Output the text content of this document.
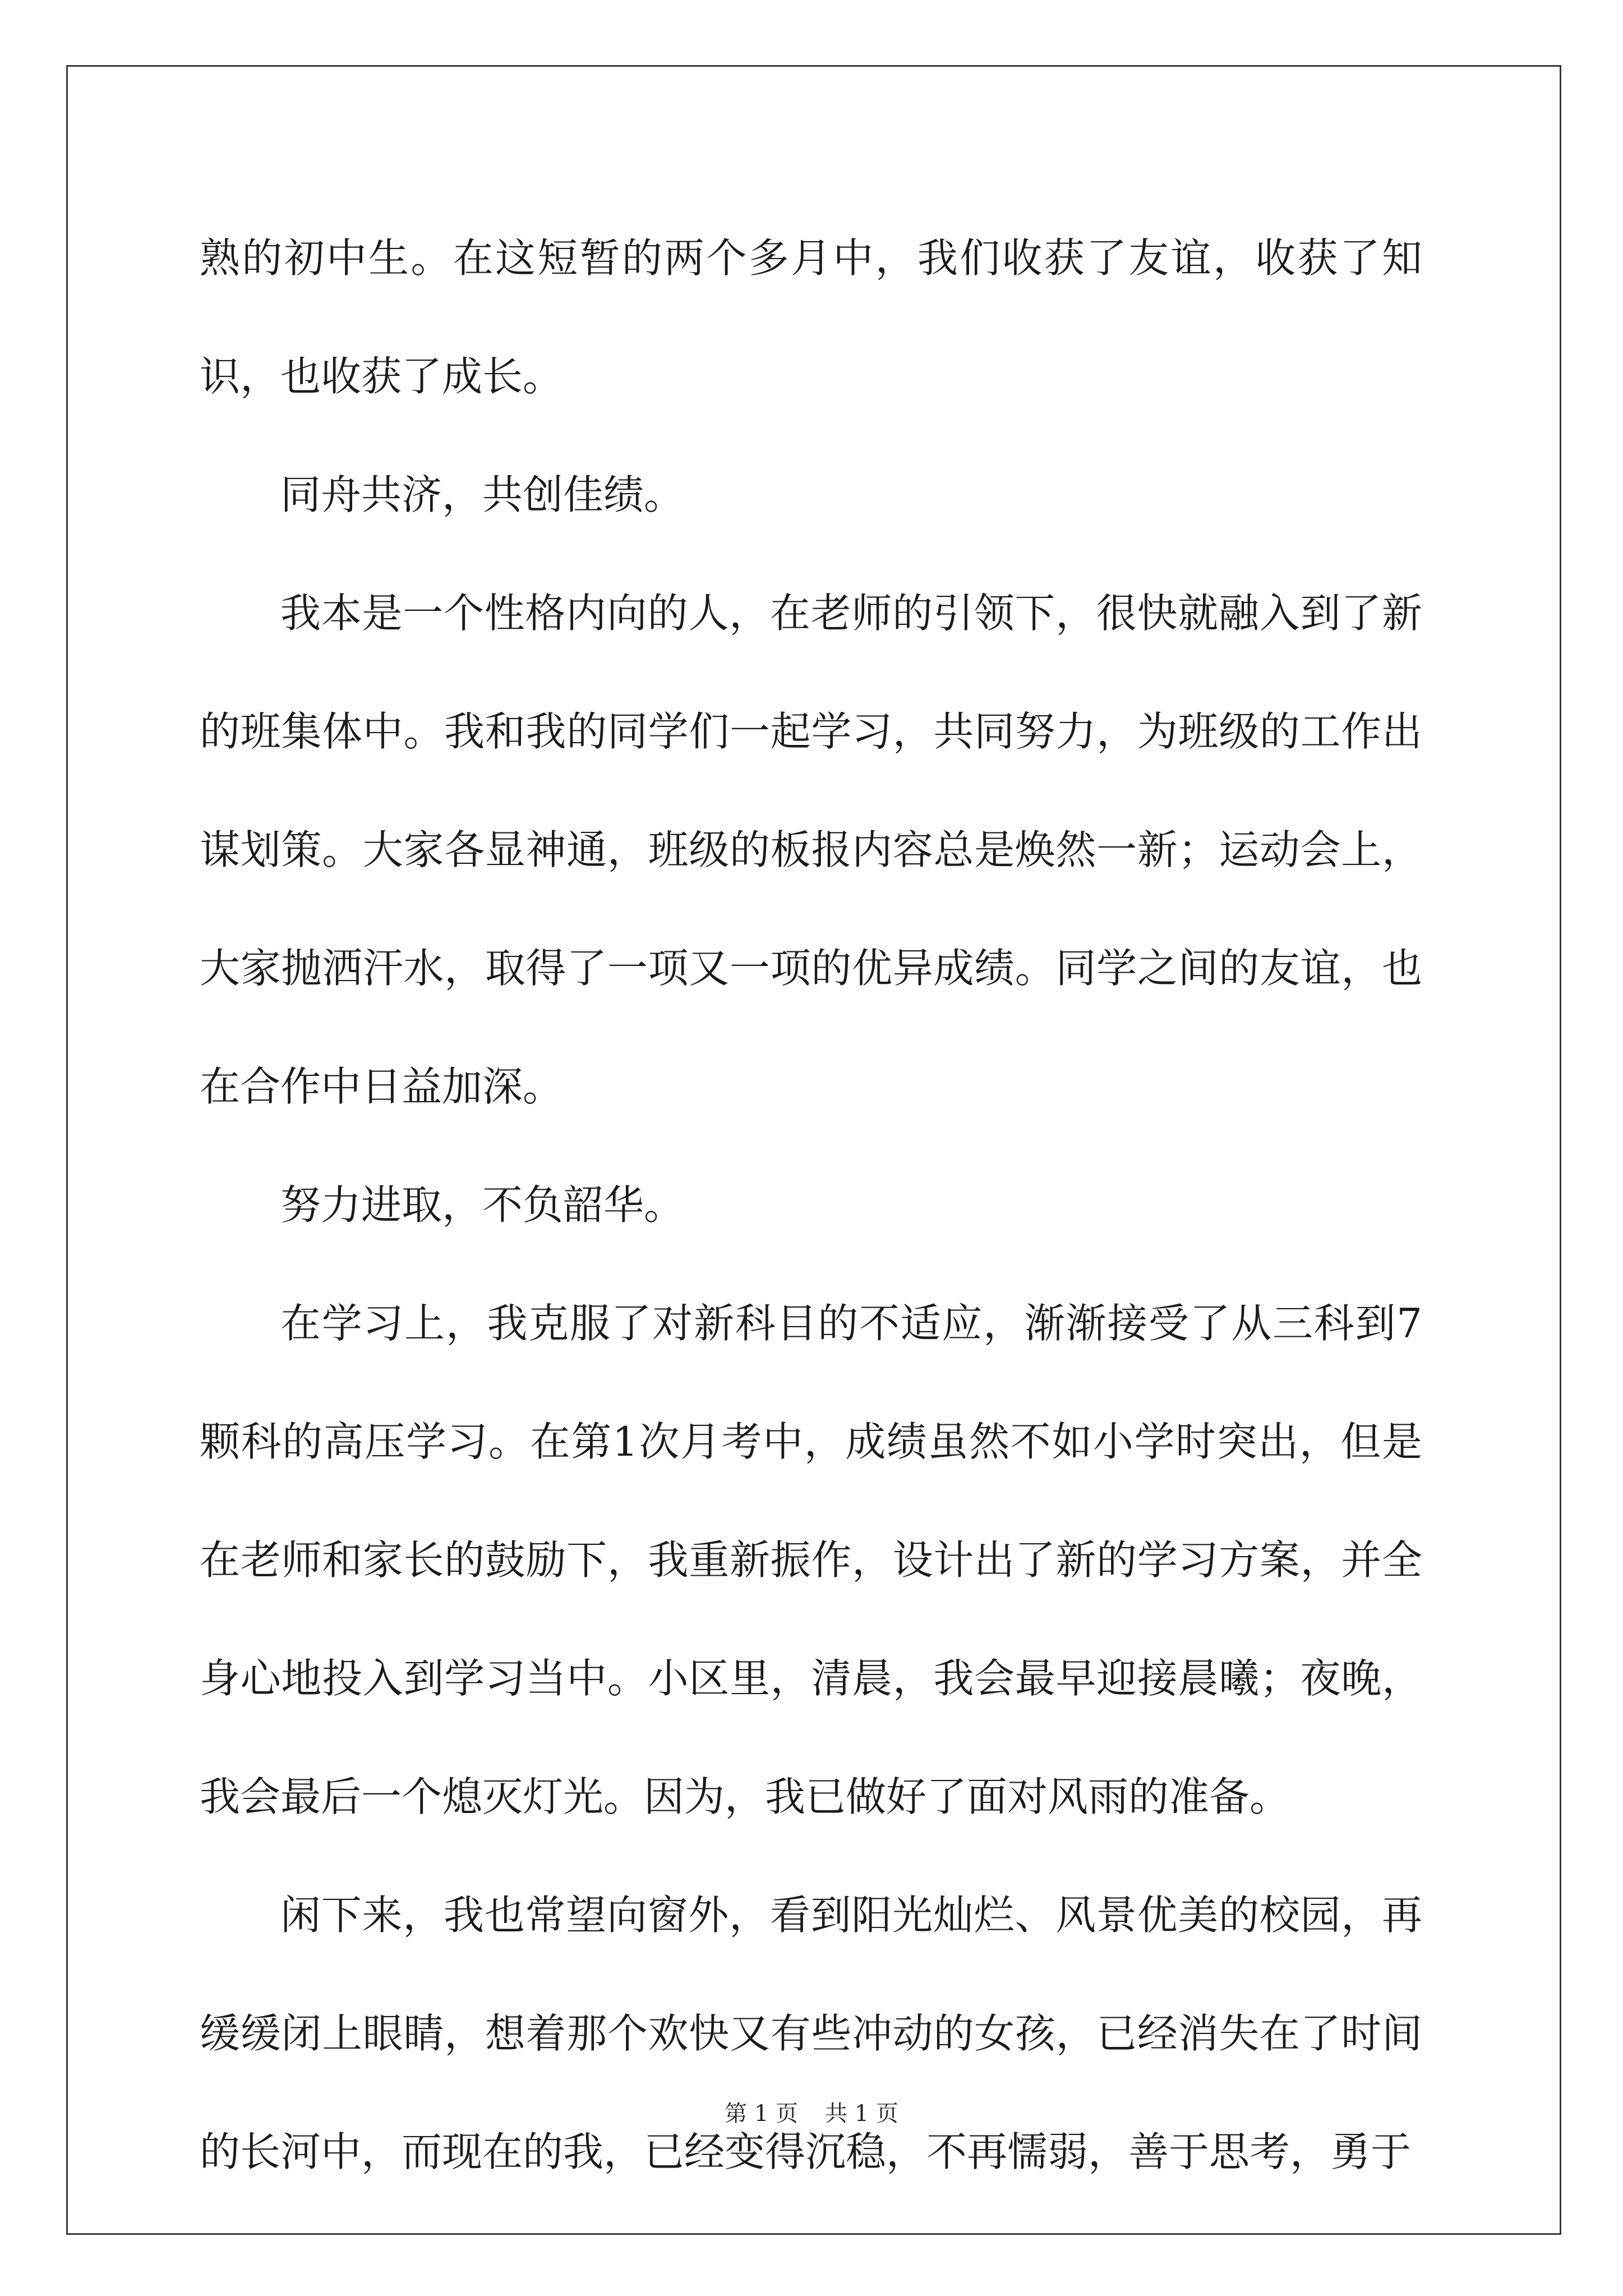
熟的初中生。在这短暂的两个多月中，我们收获了友谊，收获了知识，也收获了成长。

同舟共济，共创佳绩。

我本是一个性格内向的人，在老师的引领下，很快就融入到了新的班集体中。我和我的同学们一起学习，共同努力，为班级的工作出谋划策。大家各显神通，班级的板报内容总是焕然一新；运动会上，大家抛洒汗水，取得了一项又一项的优异成绩。同学之间的友谊，也在合作中日益加深。

努力进取，不负韶华。

在学习上，我克服了对新科目的不适应，渐渐接受了从三科到7颗科的高压学习。在第1次月考中，成绩虽然不如小学时突出，但是在老师和家长的鼓励下，我重新振作，设计出了新的学习方案，并全身心地投入到学习当中。小区里，清晨，我会最早迎接晨曦；夜晚，我会最后一个熄灭灯光。因为，我已做好了面对风雨的准备。

闲下来，我也常望向窗外，看到阳光灿烂、风景优美的校园，再缓缓闭上眼睛，想着那个欢快又有些冲动的女孩，已经消失在了时间的长河中，而现在的我，已经变得沉稳，不再懦弱，善于思考，勇于

第 1 页 共 1 页
